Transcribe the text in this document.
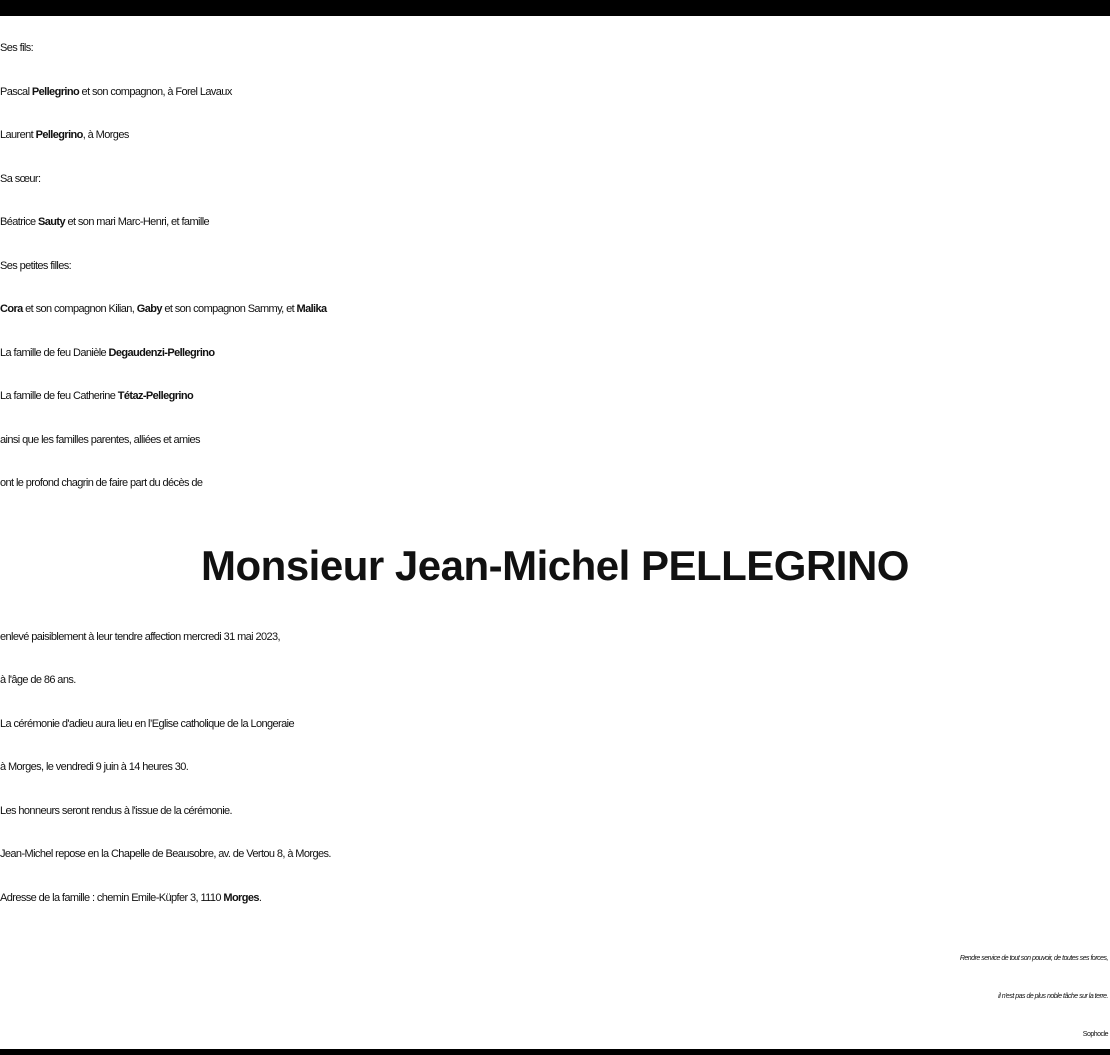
Ses fils:
Pascal Pellegrino et son compagnon, à Forel Lavaux
Laurent Pellegrino, à Morges
Sa sœur:
Béatrice Sauty et son mari Marc-Henri, et famille
Ses petites filles:
Cora et son compagnon Kilian, Gaby et son compagnon Sammy, et Malika
La famille de feu Danièle Degaudenzi-Pellegrino
La famille de feu Catherine Tétaz-Pellegrino
ainsi que les familles parentes, alliées et amies
ont le profond chagrin de faire part du décès de
Monsieur Jean-Michel PELLEGRINO
enlevé paisiblement à leur tendre affection mercredi 31 mai 2023,
à l'âge de 86 ans.
La cérémonie d'adieu aura lieu en l’Eglise catholique de la Longeraie
à Morges, le vendredi 9 juin à 14 heures 30.
Les honneurs seront rendus à l'issue de la cérémonie.
Jean-Michel repose en la Chapelle de Beausobre, av. de Vertou 8, à Morges.
Adresse de la famille : chemin Emile-Küpfer 3, 1110 Morges.
Rendre service de tout son pouvoir, de toutes ses forces,
il n'est pas de plus noble tâche sur la terre.
Sophocle
